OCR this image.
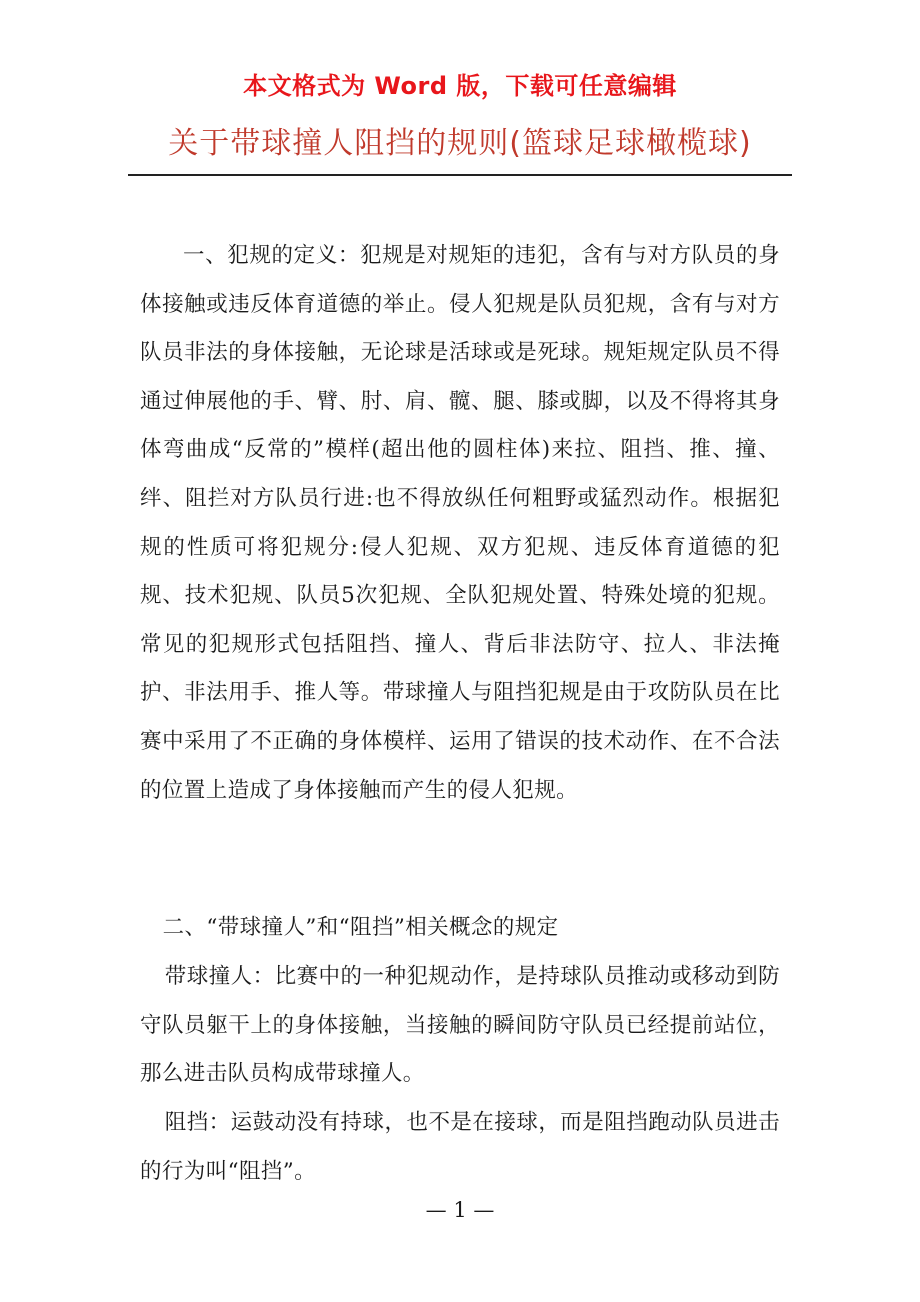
本文格式为 Word 版，下载可任意编辑
关于带球撞人阻挡的规则(篮球足球橄榄球)

一、犯规的定义：犯规是对规矩的违犯，含有与对方队员的身体接触或违反体育道德的举止。侵人犯规是队员犯规，含有与对方队员非法的身体接触，无论球是活球或是死球。规矩规定队员不得通过伸展他的手、臂、肘、肩、髋、腿、膝或脚，以及不得将其身体弯曲成“反常的”模样(超出他的圆柱体)来拉、阻挡、推、撞、绊、阻拦对方队员行进:也不得放纵任何粗野或猛烈动作。根据犯规的性质可将犯规分:侵人犯规、双方犯规、违反体育道德的犯规、技术犯规、队员5次犯规、全队犯规处置、特殊处境的犯规。常见的犯规形式包括阻挡、撞人、背后非法防守、拉人、非法掩护、非法用手、推人等。带球撞人与阻挡犯规是由于攻防队员在比赛中采用了不正确的身体模样、运用了错误的技术动作、在不合法的位置上造成了身体接触而产生的侵人犯规。

二、“带球撞人”和“阻挡”相关概念的规定

带球撞人：比赛中的一种犯规动作，是持球队员推动或移动到防守队员躯干上的身体接触，当接触的瞬间防守队员已经提前站位，那么进击队员构成带球撞人。

阻挡：运鼓动没有持球，也不是在接球，而是阻挡跑动队员进击的行为叫“阻挡”。

— 1 —
